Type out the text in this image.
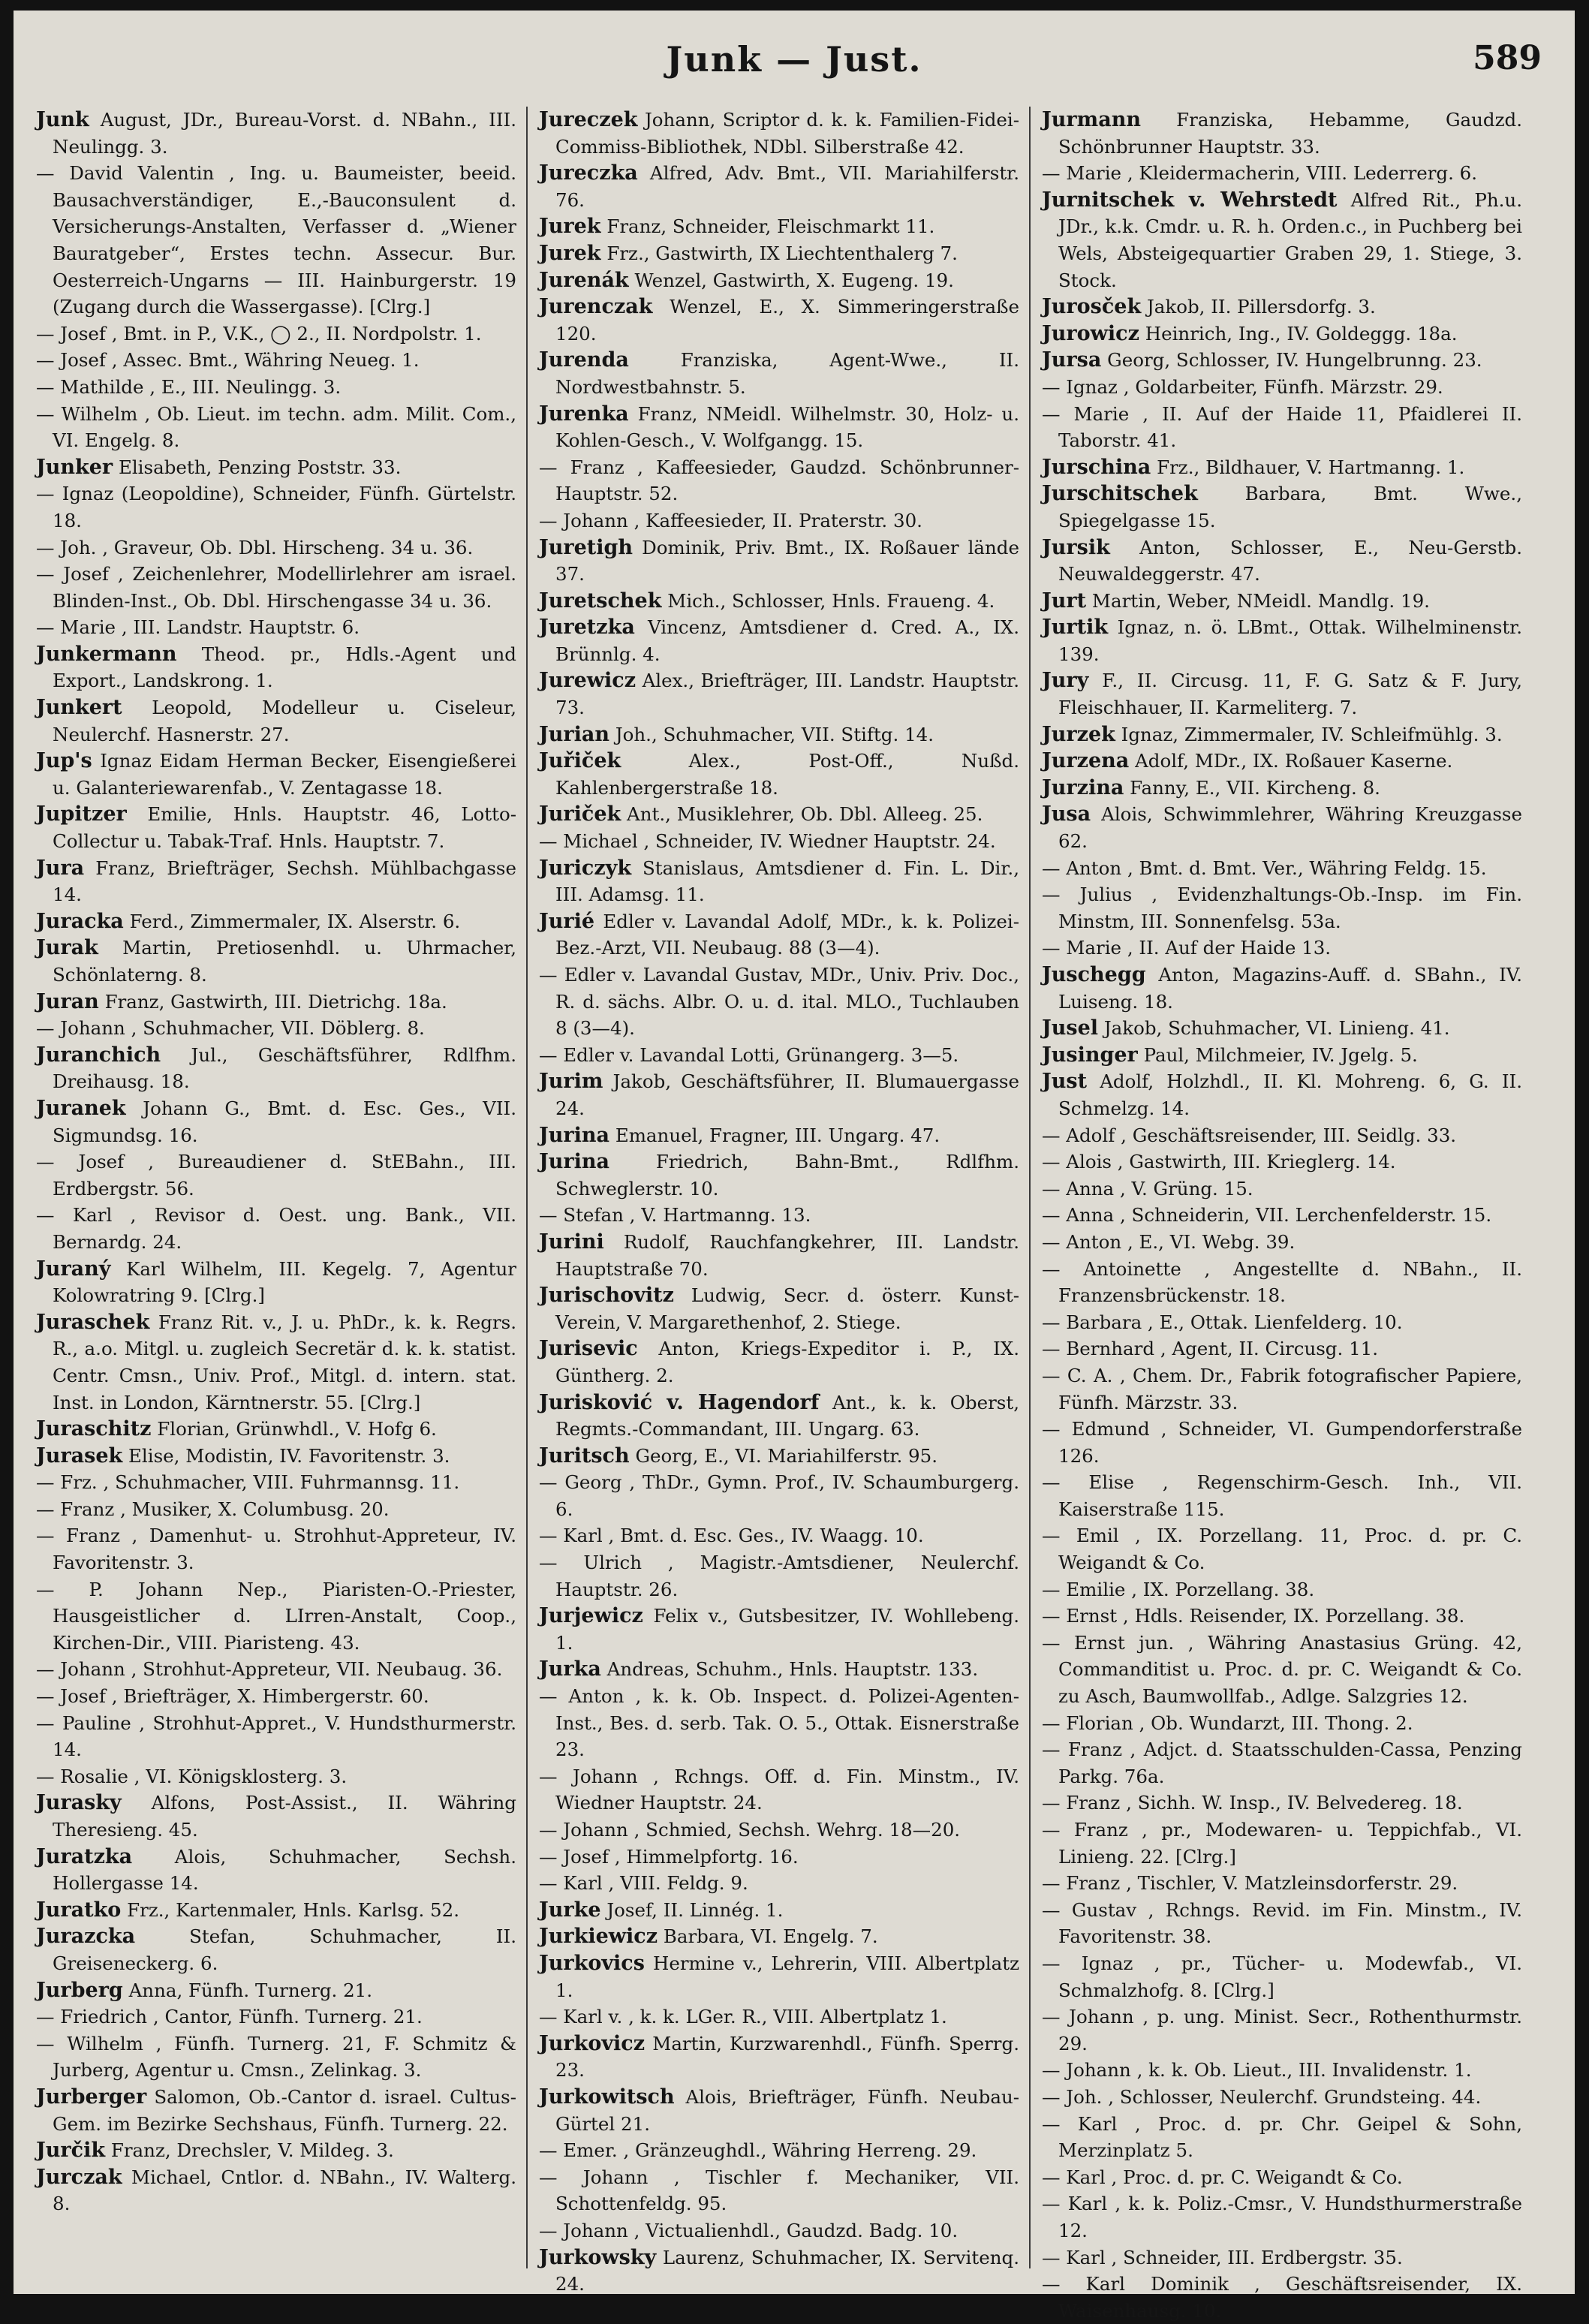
Junk — Just.	589
Junk August, JDr., Bureau-Vorst. d. NBahn., III. Neulingg. 3.
— David Valentin , Ing. u. Baumeister, beeid. Bausachverständiger, E.,-Bauconsulent d. Versicherungs-Anstalten, Verfasser d. „Wiener Bauratgeber“, Erstes techn. Assecur. Bur. Oesterreich-Ungarns — III. Hainburgerstr. 19 (Zugang durch die Wassergasse). [Clrg.]
— Josef , Bmt. in P., V.K., ◯ 2., II. Nordpolstr. 1.
— Josef , Assec. Bmt., Währing Neueg. 1.
— Mathilde , E., III. Neulingg. 3.
— Wilhelm , Ob. Lieut. im techn. adm. Milit. Com., VI. Engelg. 8.
Junker Elisabeth, Penzing Poststr. 33.
— Ignaz (Leopoldine), Schneider, Fünfh. Gürtelstr. 18.
— Joh. , Graveur, Ob. Dbl. Hirscheng. 34 u. 36.
— Josef , Zeichenlehrer, Modellirlehrer am israel. Blinden-Inst., Ob. Dbl. Hirschengasse 34 u. 36.
— Marie , III. Landstr. Hauptstr. 6.
Junkermann Theod. pr., Hdls.-Agent und Export., Landskrong. 1.
Junkert Leopold, Modelleur u. Ciseleur, Neulerchf. Hasnerstr. 27.
Jup's Ignaz Eidam Herman Becker, Eisengießerei u. Galanteriewarenfab., V. Zentagasse 18.
Jupitzer Emilie, Hnls. Hauptstr. 46, Lotto-Collectur u. Tabak-Traf. Hnls. Hauptstr. 7.
Jura Franz, Briefträger, Sechsh. Mühlbachgasse 14.
Juracka Ferd., Zimmermaler, IX. Alserstr. 6.
Jurak Martin, Pretiosenhdl. u. Uhrmacher, Schönlaterng. 8.
Juran Franz, Gastwirth, III. Dietrichg. 18a.
— Johann , Schuhmacher, VII. Döblerg. 8.
Juranchich Jul., Geschäftsführer, Rdlfhm. Dreihausg. 18.
Juranek Johann G., Bmt. d. Esc. Ges., VII. Sigmundsg. 16.
— Josef , Bureaudiener d. StEBahn., III. Erdbergstr. 56.
— Karl , Revisor d. Oest. ung. Bank., VII. Bernardg. 24.
Juraný Karl Wilhelm, III. Kegelg. 7, Agentur Kolowratring 9. [Clrg.]
Juraschek Franz Rit. v., J. u. PhDr., k. k. Regrs. R., a.o. Mitgl. u. zugleich Secretär d. k. k. statist. Centr. Cmsn., Univ. Prof., Mitgl. d. intern. stat. Inst. in London, Kärntnerstr. 55. [Clrg.]
Juraschitz Florian, Grünwhdl., V. Hofg 6.
Jurasek Elise, Modistin, IV. Favoritenstr. 3.
— Frz. , Schuhmacher, VIII. Fuhrmannsg. 11.
— Franz , Musiker, X. Columbusg. 20.
— Franz , Damenhut- u. Strohhut-Appreteur, IV. Favoritenstr. 3.
— P. Johann Nep., Piaristen-O.-Priester, Hausgeistlicher d. LIrren-Anstalt, Coop., Kirchen-Dir., VIII. Piaristeng. 43.
— Johann , Strohhut-Appreteur, VII. Neubaug. 36.
— Josef , Briefträger, X. Himbergerstr. 60.
— Pauline , Strohhut-Appret., V. Hundsthurmerstr. 14.
— Rosalie , VI. Königsklosterg. 3.
Jurasky Alfons, Post-Assist., II. Währing Theresieng. 45.
Juratzka Alois, Schuhmacher, Sechsh. Hollergasse 14.
Juratko Frz., Kartenmaler, Hnls. Karlsg. 52.
Jurazcka	Stefan, Schuhmacher, II. Greiseneckerg. 6.
Jurberg Anna, Fünfh. Turnerg. 21.
— Friedrich , Cantor, Fünfh. Turnerg. 21.
— Wilhelm , Fünfh. Turnerg. 21, F. Schmitz & Jurberg, Agentur u. Cmsn., Zelinkag. 3.
Jurberger Salomon, Ob.-Cantor d. israel. Cultus-Gem. im Bezirke Sechshaus, Fünfh. Turnerg. 22.
Jurčik Franz, Drechsler, V. Mildeg. 3.
Jurczak Michael, Cntlor. d. NBahn., IV. Walterg. 8.
Jureczek Johann, Scriptor d. k. k. Familien-Fidei-Commiss-Bibliothek, NDbl. Silberstraße 42.
Jureczka Alfred, Adv. Bmt., VII. Mariahilferstr. 76.
Jurek Franz, Schneider, Fleischmarkt 11.
Jurek Frz., Gastwirth, IX Liechtenthalerg 7.
Jurenák Wenzel, Gastwirth, X. Eugeng. 19.
Jurenczak Wenzel, E., X. Simmeringerstraße 120.
Jurenda	Franziska, Agent-Wwe., II. Nordwestbahnstr. 5.
Jurenka Franz, NMeidl. Wilhelmstr. 30, Holz- u. Kohlen-Gesch., V. Wolfgangg. 15.
— Franz , Kaffeesieder, Gaudzd. Schönbrunner-Hauptstr. 52.
— Johann , Kaffeesieder, II. Praterstr. 30.
Juretigh Dominik, Priv. Bmt., IX. Roßauer lände 37.
Juretschek Mich., Schlosser, Hnls. Fraueng. 4.
Juretzka Vincenz, Amtsdiener d. Cred. A., IX. Brünnlg. 4.
Jurewicz Alex., Briefträger, III. Landstr. Hauptstr. 73.
Jurian Joh., Schuhmacher, VII. Stiftg. 14.
Juřiček	Alex., Post-Off., Nußd. Kahlenbergerstraße 18.
Juriček Ant., Musiklehrer, Ob. Dbl. Alleeg. 25.
— Michael , Schneider, IV. Wiedner Hauptstr. 24.
Juriczyk Stanislaus, Amtsdiener d. Fin. L. Dir., III. Adamsg. 11.
Jurié Edler v. Lavandal Adolf, MDr., k. k. Polizei-Bez.-Arzt, VII. Neubaug. 88 (3—4).
— Edler v. Lavandal Gustav, MDr., Univ. Priv. Doc., R. d. sächs. Albr. O. u. d. ital. MLO., Tuchlauben 8 (3—4).
— Edler v. Lavandal Lotti, Grünangerg. 3—5.
Jurim Jakob, Geschäftsführer, II. Blumauergasse 24.
Jurina Emanuel, Fragner, III. Ungarg. 47.
Jurina	Friedrich, Bahn-Bmt., Rdlfhm. Schweglerstr. 10.
— Stefan , V. Hartmanng. 13.
Jurini Rudolf, Rauchfangkehrer, III. Landstr. Hauptstraße 70.
Jurischovitz Ludwig, Secr. d. österr. Kunst-Verein, V. Margarethenhof, 2. Stiege.
Jurisevic Anton, Kriegs-Expeditor i. P., IX. Güntherg. 2.
Jurisković v. Hagendorf Ant., k. k. Oberst, Regmts.-Commandant, III. Ungarg. 63.
Juritsch Georg, E., VI. Mariahilferstr. 95.
— Georg , ThDr., Gymn. Prof., IV. Schaumburgerg. 6.
— Karl , Bmt. d. Esc. Ges., IV. Waagg. 10.
— Ulrich , Magistr.-Amtsdiener, Neulerchf. Hauptstr. 26.
Jurjewicz Felix v., Gutsbesitzer, IV. Wohllebeng. 1.
Jurka Andreas, Schuhm., Hnls. Hauptstr. 133.
— Anton , k. k. Ob. Inspect. d. Polizei-Agenten-Inst., Bes. d. serb. Tak. O. 5., Ottak. Eisnerstraße 23.
— Johann , Rchngs. Off. d. Fin. Minstm., IV. Wiedner Hauptstr. 24.
— Johann , Schmied, Sechsh. Wehrg. 18—20.
— Josef , Himmelpfortg. 16.
— Karl , VIII. Feldg. 9.
Jurke Josef, II. Linnég. 1.
Jurkiewicz Barbara, VI. Engelg. 7.
Jurkovics Hermine v., Lehrerin, VIII. Albertplatz 1.
— Karl v. , k. k. LGer. R., VIII. Albertplatz 1.
Jurkovicz Martin, Kurzwarenhdl., Fünfh. Sperrg. 23.
Jurkowitsch Alois, Briefträger, Fünfh. Neubau-Gürtel 21.
— Emer. , Gränzeughdl., Währing Herreng. 29.
— Johann , Tischler f. Mechaniker, VII. Schottenfeldg. 95.
— Johann , Victualienhdl., Gaudzd. Badg. 10.
Jurkowsky Laurenz, Schuhmacher, IX. Servitenq. 24.
Jurmann Franziska, Hebamme, Gaudzd. Schönbrunner Hauptstr. 33.
— Marie , Kleidermacherin, VIII. Lederrerg. 6.
Jurnitschek v. Wehrstedt Alfred Rit., Ph.u. JDr., k.k. Cmdr. u. R. h. Orden.c., in Puchberg bei Wels, Absteigequartier Graben 29, 1. Stiege, 3. Stock.
Jurosček Jakob, II. Pillersdorfg. 3.
Jurowicz Heinrich, Ing., IV. Goldeggg. 18a.
Jursa Georg, Schlosser, IV. Hungelbrunng. 23.
— Ignaz , Goldarbeiter, Fünfh. Märzstr. 29.
— Marie , II. Auf der Haide 11, Pfaidlerei II. Taborstr. 41.
Jurschina Frz., Bildhauer, V. Hartmanng. 1.
Jurschitschek	Barbara, Bmt. Wwe., Spiegelgasse 15.
Jursik Anton, Schlosser, E., Neu-Gerstb. Neuwaldeggerstr. 47.
Jurt Martin, Weber, NMeidl. Mandlg. 19.
Jurtik Ignaz, n. ö. LBmt., Ottak. Wilhelminenstr. 139.
Jury F., II. Circusg. 11, F. G. Satz & F. Jury, Fleischhauer, II. Karmeliterg. 7.
Jurzek Ignaz, Zimmermaler, IV. Schleifmühlg. 3.
Jurzena Adolf, MDr., IX. Roßauer Kaserne.
Jurzina Fanny, E., VII. Kircheng. 8.
Jusa Alois, Schwimmlehrer, Währing Kreuzgasse 62.
— Anton , Bmt. d. Bmt. Ver., Währing Feldg. 15.
— Julius , Evidenzhaltungs-Ob.-Insp. im Fin. Minstm, III. Sonnenfelsg. 53a.
— Marie , II. Auf der Haide 13.
Juschegg Anton, Magazins-Auff. d. SBahn., IV. Luiseng. 18.
Jusel Jakob, Schuhmacher, VI. Linieng. 41.
Jusinger Paul, Milchmeier, IV. Jgelg. 5.
Just Adolf, Holzhdl., II. Kl. Mohreng. 6, G. II. Schmelzg. 14.
— Adolf , Geschäftsreisender, III. Seidlg. 33.
— Alois , Gastwirth, III. Krieglerg. 14.
— Anna , V. Grüng. 15.
— Anna , Schneiderin, VII. Lerchenfelderstr. 15.
— Anton , E., VI. Webg. 39.
— Antoinette , Angestellte d. NBahn., II. Franzensbrückenstr. 18.
— Barbara , E., Ottak. Lienfelderg. 10.
— Bernhard , Agent, II. Circusg. 11.
— C. A. , Chem. Dr., Fabrik fotografischer Papiere, Fünfh. Märzstr. 33.
— Edmund , Schneider, VI. Gumpendorferstraße 126.
— Elise , Regenschirm-Gesch. Inh., VII. Kaiserstraße 115.
— Emil , IX. Porzellang. 11, Proc. d. pr. C. Weigandt & Co.
— Emilie , IX. Porzellang. 38.
— Ernst , Hdls. Reisender, IX. Porzellang. 38.
— Ernst jun. , Währing Anastasius Grüng. 42, Commanditist u. Proc. d. pr. C. Weigandt & Co. zu Asch, Baumwollfab., Adlge. Salzgries 12.
— Florian , Ob. Wundarzt, III. Thong. 2.
— Franz , Adjct. d. Staatsschulden-Cassa, Penzing Parkg. 76a.
— Franz , Sichh. W. Insp., IV. Belvedereg. 18.
— Franz , pr., Modewaren- u. Teppichfab., VI. Linieng. 22. [Clrg.]
— Franz , Tischler, V. Matzleinsdorferstr. 29.
— Gustav , Rchngs. Revid. im Fin. Minstm., IV. Favoritenstr. 38.
— Ignaz , pr., Tücher- u. Modewfab., VI. Schmalzhofg. 8. [Clrg.]
— Johann , p. ung. Minist. Secr., Rothenthurmstr. 29.
— Johann , k. k. Ob. Lieut., III. Invalidenstr. 1.
— Joh. , Schlosser, Neulerchf. Grundsteing. 44.
— Karl , Proc. d. pr. Chr. Geipel & Sohn, Merzinplatz 5.
— Karl , Proc. d. pr. C. Weigandt & Co.
— Karl , k. k. Poliz.-Cmsr., V. Hundsthurmerstraße 12.
— Karl , Schneider, III. Erdbergstr. 35.
— Karl Dominik , Geschäftsreisender, IX. Waisenhausg. 10.
